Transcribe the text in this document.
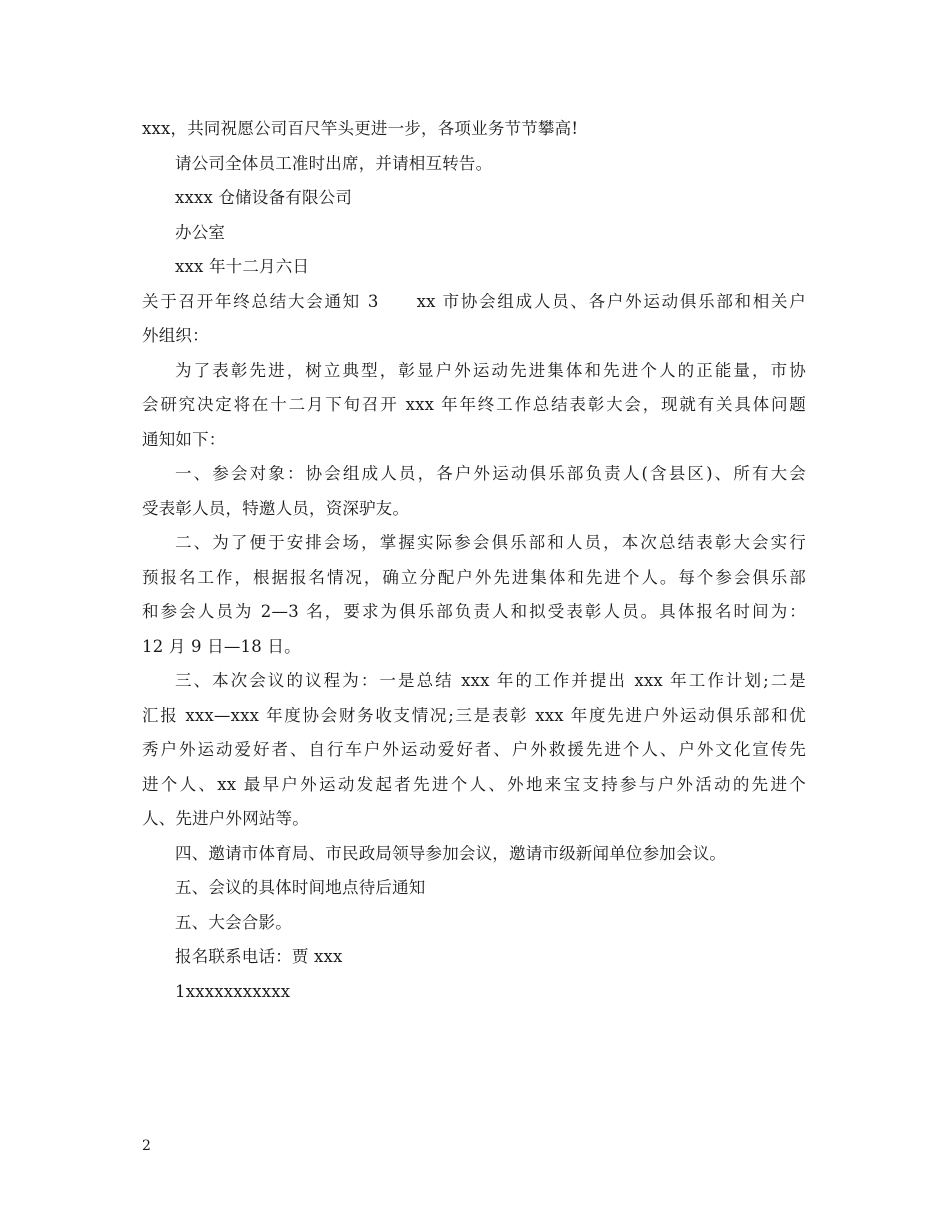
xxx，共同祝愿公司百尺竿头更进一步，各项业务节节攀高!
请公司全体员工准时出席，并请相互转告。
xxxx 仓储设备有限公司
办公室
xxx 年十二月六日
关于召开年终总结大会通知 3　　xx 市协会组成人员、各户外运动俱乐部和相关户
外组织：
为了表彰先进，树立典型，彰显户外运动先进集体和先进个人的正能量，市协
会研究决定将在十二月下旬召开 xxx 年年终工作总结表彰大会，现就有关具体问题
通知如下：
一、参会对象：协会组成人员，各户外运动俱乐部负责人(含县区)、所有大会
受表彰人员，特邀人员，资深驴友。
二、为了便于安排会场，掌握实际参会俱乐部和人员，本次总结表彰大会实行
预报名工作，根据报名情况，确立分配户外先进集体和先进个人。每个参会俱乐部
和参会人员为 2—3 名，要求为俱乐部负责人和拟受表彰人员。具体报名时间为：
12 月 9 日—18 日。
三、本次会议的议程为：一是总结 xxx 年的工作并提出 xxx 年工作计划;二是
汇报 xxx—xxx 年度协会财务收支情况;三是表彰 xxx 年度先进户外运动俱乐部和优
秀户外运动爱好者、自行车户外运动爱好者、户外救援先进个人、户外文化宣传先
进个人、xx 最早户外运动发起者先进个人、外地来宝支持参与户外活动的先进个
人、先进户外网站等。
四、邀请市体育局、市民政局领导参加会议，邀请市级新闻单位参加会议。
五、会议的具体时间地点待后通知
五、大会合影。
报名联系电话：贾 xxx
1xxxxxxxxxxx
2
